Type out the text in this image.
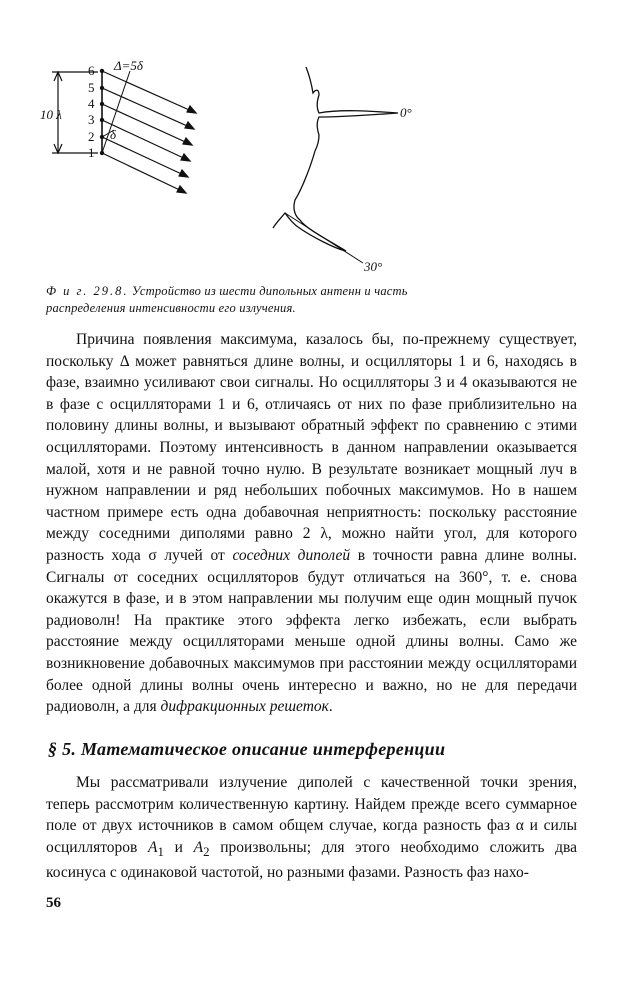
10 λ
1
2
3
4
5
6 Δ=5δ
δ
0°
30°
Ф и г. 29.8. Устройство из шести дипольных антенн и часть распределения интенсивности его излучения.

Причина появления максимума, казалось бы, по-прежнему существует, поскольку Δ может равняться длине волны, и осцилляторы 1 и 6, находясь в фазе, взаимно усиливают свои сигналы. Но осцилляторы 3 и 4 оказываются не в фазе с осцилляторами 1 и 6, отличаясь от них по фазе приблизительно на половину длины волны, и вызывают обратный эффект по сравнению с этими осцилляторами. Поэтому интенсивность в данном направлении оказывается малой, хотя и не равной точно нулю. В результате возникает мощный луч в нужном направлении и ряд небольших побочных максимумов. Но в нашем частном примере есть одна добавочная неприятность: поскольку расстояние между соседними диполями равно 2 λ, можно найти угол, для которого разность хода σ лучей от соседних диполей в точности равна длине волны. Сигналы от соседних осцилляторов будут отличаться на 360°, т. е. снова окажутся в фазе, и в этом направлении мы получим еще один мощный пучок радиоволн! На практике этого эффекта легко избежать, если выбрать расстояние между осцилляторами меньше одной длины волны. Само же возникновение добавочных максимумов при расстоянии между осцилляторами более одной длины волны очень интересно и важно, но не для передачи радиоволн, а для дифракционных решеток.

§ 5. Математическое описание интерференции

Мы рассматривали излучение диполей с качественной точки зрения, теперь рассмотрим количественную картину. Найдем прежде всего суммарное поле от двух источников в самом общем случае, когда разность фаз α и силы осцилляторов $A_1$ и $A_2$ произвольны; для этого необходимо сложить два косинуса с одинаковой частотой, но разными фазами. Разность фаз нахо-

56
